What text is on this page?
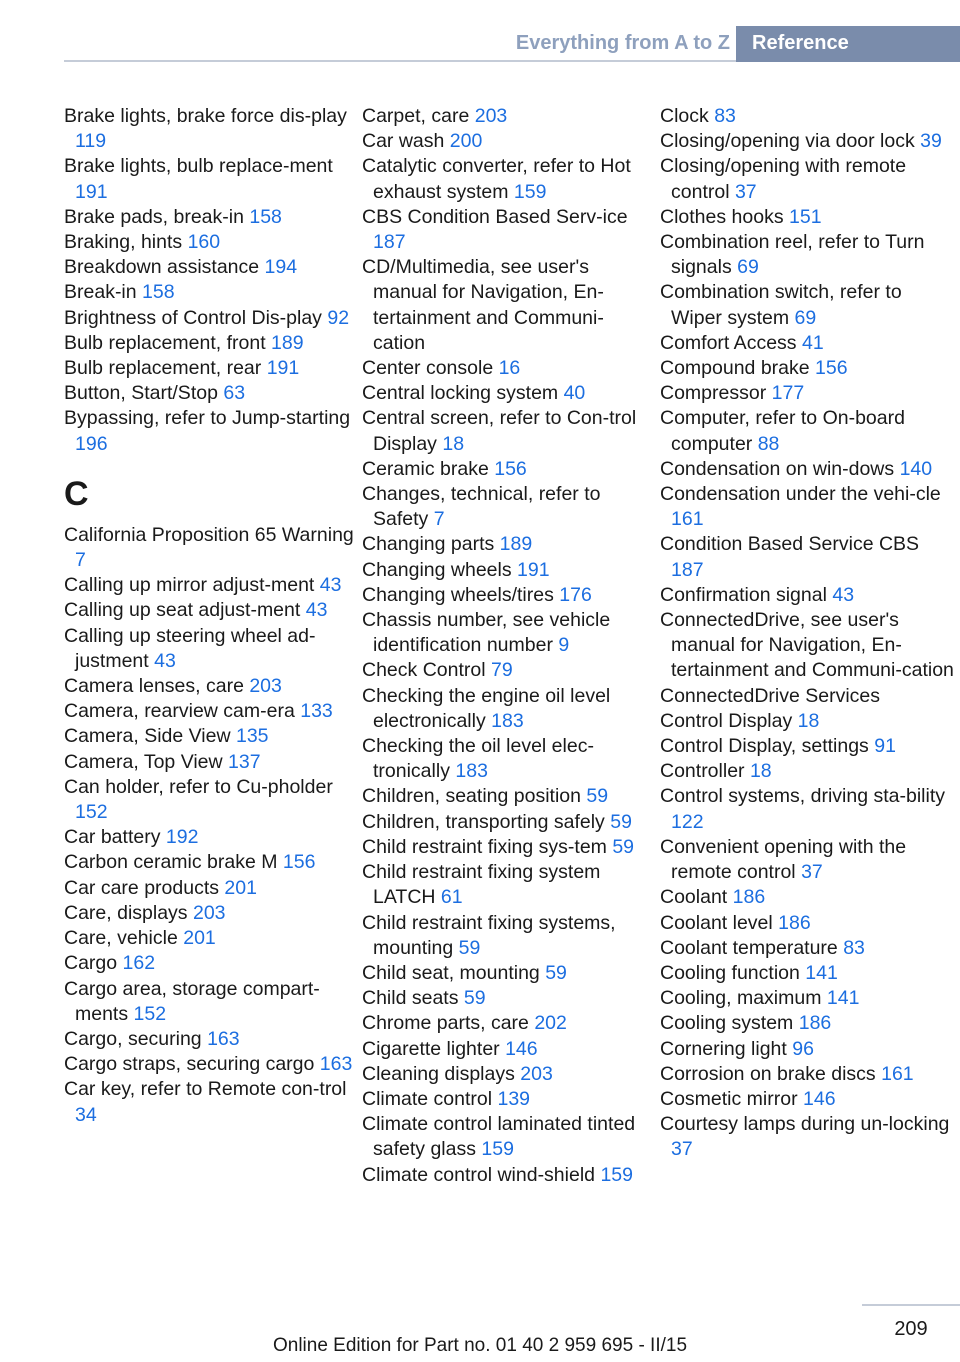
Everything from A to Z	Reference
Brake lights, brake force dis-play 119
Brake lights, bulb replace-ment 191
Brake pads, break-in 158
Braking, hints 160
Breakdown assistance 194
Break-in 158
Brightness of Control Dis-play 92
Bulb replacement, front 189
Bulb replacement, rear 191
Button, Start/Stop 63
Bypassing, refer to Jump-starting 196
C
California Proposition 65 Warning 7
Calling up mirror adjust-ment 43
Calling up seat adjust-ment 43
Calling up steering wheel ad-justment 43
Camera lenses, care 203
Camera, rearview cam-era 133
Camera, Side View 135
Camera, Top View 137
Can holder, refer to Cu-pholder 152
Car battery 192
Carbon ceramic brake M 156
Car care products 201
Care, displays 203
Care, vehicle 201
Cargo 162
Cargo area, storage compart-ments 152
Cargo, securing 163
Cargo straps, securing cargo 163
Car key, refer to Remote con-trol 34
Carpet, care 203
Car wash 200
Catalytic converter, refer to Hot exhaust system 159
CBS Condition Based Serv-ice 187
CD/Multimedia, see user's manual for Navigation, En-tertainment and Communi-cation
Center console 16
Central locking system 40
Central screen, refer to Con-trol Display 18
Ceramic brake 156
Changes, technical, refer to Safety 7
Changing parts 189
Changing wheels 191
Changing wheels/tires 176
Chassis number, see vehicle identification number 9
Check Control 79
Checking the engine oil level electronically 183
Checking the oil level elec-tronically 183
Children, seating position 59
Children, transporting safely 59
Child restraint fixing sys-tem 59
Child restraint fixing system LATCH 61
Child restraint fixing systems, mounting 59
Child seat, mounting 59
Child seats 59
Chrome parts, care 202
Cigarette lighter 146
Cleaning displays 203
Climate control 139
Climate control laminated tinted safety glass 159
Climate control wind-shield 159
Clock 83
Closing/opening via door lock 39
Closing/opening with remote control 37
Clothes hooks 151
Combination reel, refer to Turn signals 69
Combination switch, refer to Wiper system 69
Comfort Access 41
Compound brake 156
Compressor 177
Computer, refer to On-board computer 88
Condensation on win-dows 140
Condensation under the vehi-cle 161
Condition Based Service CBS 187
Confirmation signal 43
ConnectedDrive, see user's manual for Navigation, En-tertainment and Communi-cation
ConnectedDrive Services
Control Display 18
Control Display, settings 91
Controller 18
Control systems, driving sta-bility 122
Convenient opening with the remote control 37
Coolant 186
Coolant level 186
Coolant temperature 83
Cooling function 141
Cooling, maximum 141
Cooling system 186
Cornering light 96
Corrosion on brake discs 161
Cosmetic mirror 146
Courtesy lamps during un-locking 37
209
Online Edition for Part no. 01 40 2 959 695 - II/15
